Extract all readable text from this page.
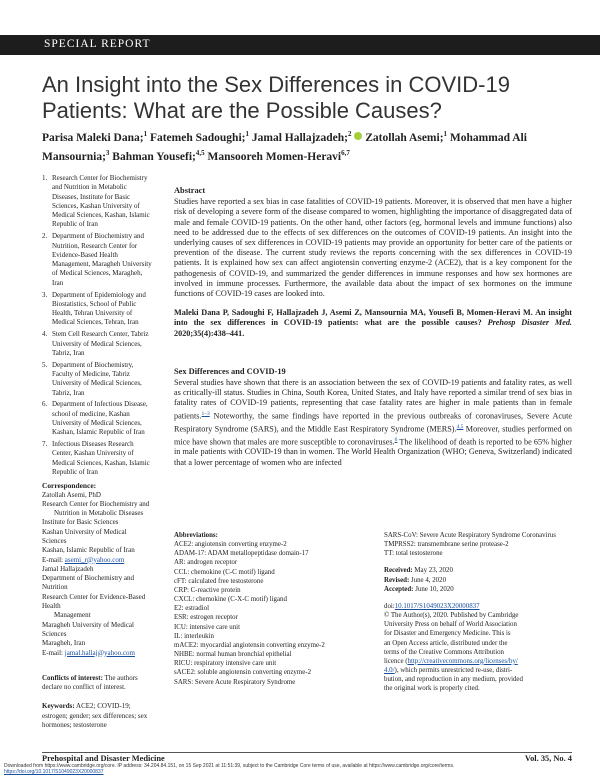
SPECIAL REPORT
An Insight into the Sex Differences in COVID-19 Patients: What are the Possible Causes?
Parisa Maleki Dana;$^1$ Fatemeh Sadoughi;$^1$ Jamal Hallajzadeh;$^2$ Zatollah Asemi;$^1$ Mohammad Ali Mansournia;$^3$ Bahman Yousefi;$^{4,5}$ Mansooreh Momen-Heravi$^{6,7}$
1. Research Center for Biochemistry and Nutrition in Metabolic Diseases, Institute for Basic Sciences, Kashan University of Medical Sciences, Kashan, Islamic Republic of Iran
2. Department of Biochemistry and Nutrition, Research Center for Evidence-Based Health Management, Maragheh University of Medical Sciences, Maragheh, Iran
3. Department of Epidemiology and Biostatistics, School of Public Health, Tehran University of Medical Sciences, Tehran, Iran
4. Stem Cell Research Center, Tabriz University of Medical Sciences, Tabriz, Iran
5. Department of Biochemistry, Faculty of Medicine, Tabriz University of Medical Sciences, Tabriz, Iran
6. Department of Infectious Disease, school of medicine, Kashan University of Medical Sciences, Kashan, Islamic Republic of Iran
7. Infectious Diseases Research Center, Kashan University of Medical Sciences, Kashan, Islamic Republic of Iran
Correspondence:
Zatollah Asemi, PhD
Research Center for Biochemistry and
Nutrition in Metabolic Diseases
Institute for Basic Sciences
Kashan University of Medical Sciences
Kashan, Islamic Republic of Iran
E-mail: asemi_r@yahoo.com
Jamal Hallajzadeh
Department of Biochemistry and Nutrition
Research Center for Evidence-Based Health
Management
Maragheh University of Medical Sciences
Maragheh, Iran
E-mail: jamal.hallaj@yahoo.com
Conflicts of interest: The authors declare no conflict of interest.
Keywords: ACE2; COVID-19; estrogen; gender; sex differences; sex hormones; testosterone
Abstract

Studies have reported a sex bias in case fatalities of COVID-19 patients. Moreover, it is observed that men have a higher risk of developing a severe form of the disease compared to women, highlighting the importance of disaggregated data of male and female COVID-19 patients. On the other hand, other factors (eg, hormonal levels and immune functions) also need to be addressed due to the effects of sex differences on the outcomes of COVID-19 patients. An insight into the underlying causes of sex differences in COVID-19 patients may provide an opportunity for better care of the patients or prevention of the disease. The current study reviews the reports concerning with the sex differences in COVID-19 patients. It is explained how sex can affect angiotensin converting enzyme-2 (ACE2), that is a key component for the pathogenesis of COVID-19, and summarized the gender differences in immune responses and how sex hormones are involved in immune processes. Furthermore, the available data about the impact of sex hormones on the immune functions of COVID-19 cases are looked into.

Maleki Dana P, Sadoughi F, Hallajzadeh J, Asemi Z, Mansournia MA, Yousefi B, Momen-Heravi M. An insight into the sex differences in COVID-19 patients: what are the possible causes? Prehosp Disaster Med. 2020;35(4):438–441.
Sex Differences and COVID-19

Several studies have shown that there is an association between the sex of COVID-19 patients and fatality rates, as well as critically-ill status. Studies in China, South Korea, United States, and Italy have reported a similar trend of sex bias in fatality rates of COVID-19 patients, representing that case fatality rates are higher in male patients than in female patients.$^{1-3}$ Noteworthy, the same findings have reported in the previous outbreaks of coronaviruses, Severe Acute Respiratory Syndrome (SARS), and the Middle East Respiratory Syndrome (MERS).$^{4,5}$ Moreover, studies performed on mice have shown that males are more susceptible to coronaviruses.$^6$ The likelihood of death is reported to be 65% higher in male patients with COVID-19 than in women. The World Health Organization (WHO; Geneva, Switzerland) indicated that a lower percentage of women who are infected

Abbreviations:
ACE2: angiotensin converting enzyme-2
ADAM-17: ADAM metallopeptidase domain-17
AR: androgen receptor
CCL: chemokine (C-C motif) ligand
cFT: calculated free testosterone
CRP: C-reactive protein
CXCL: chemokine (C-X-C motif) ligand
E2: estradiol
ESR: estrogen receptor
ICU: intensive care unit
IL: interleukin
mACE2: myocardial angiotensin converting enzyme-2
NHBE: normal human bronchial epithelial
RICU: respiratory intensive care unit
sACE2: soluble angiotensin converting enzyme-2
SARS: Severe Acute Respiratory Syndrome
SARS-CoV: Severe Acute Respiratory Syndrome Coronavirus
TMPRSS2: transmembrane serine protease-2
TT: total testosterone
Received: May 23, 2020
Revised: June 4, 2020
Accepted: June 10, 2020
doi:10.1017/S1049023X20000837
© The Author(s), 2020. Published by Cambridge
University Press on behalf of World Association
for Disaster and Emergency Medicine. This is
an Open Access article, distributed under the
terms of the Creative Commons Attribution
licence (http://creativecommons.org/licenses/by/
4.0/), which permits unrestricted re-use, distri-
bution, and reproduction in any medium, provided
the original work is properly cited.
Prehospital and Disaster Medicine	Vol. 35, No. 4
Downloaded from https://www.cambridge.org/core. IP address: 34.204.84.151, on 15 Sep 2021 at 11:51:39, subject to the Cambridge Core terms of use, available at https://www.cambridge.org/core/terms.
https://doi.org/10.1017/S1049023X20000837
